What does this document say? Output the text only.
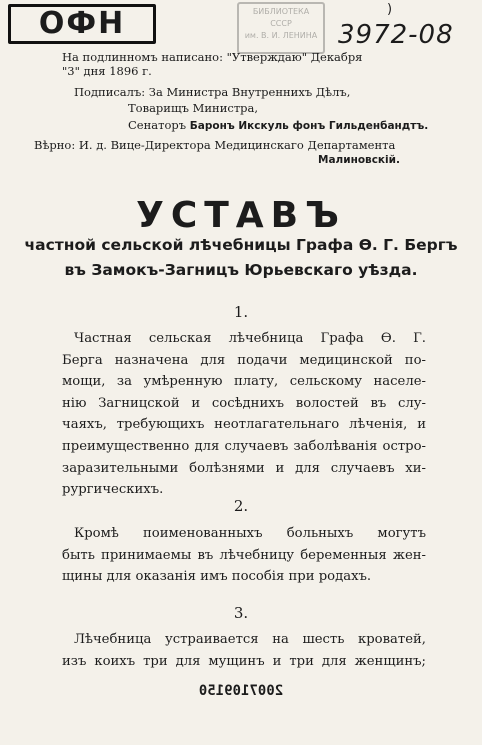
ОФН	БИБЛИОТЕКА
СССР
им. В. И. ЛЕНИНА
)
3972-08
На подлинномъ написано: "Утверждаю" Декабря
"3" дня 1896 г.
Подписалъ: За Министра Внутреннихъ Дѣлъ,
Товарищъ Министра,
Сенаторъ Баронъ Икскуль фонъ Гильденбандтъ.
Вѣрно: И. д. Вице-Директора Медицинскаго Департамента
Малиновскій.
УСТАВЪ
частной сельской лѣчебницы Графа Ѳ. Г. Бергъ
въ Замокъ-Загницъ Юрьевскаго уѣзда.
1.

Частная сельская лѣчебница Графа Ѳ. Г.

Берга назначена для подачи медицинской по-

мощи, за умѣренную плату, сельскому населе-

нію Загницской и сосѣднихъ волостей въ слу-

чаяхъ, требующихъ неотлагательнаго лѣченія, и

преимущественно для случаевъ заболѣванія остро-

заразительными болѣзнями и для случаевъ хи-

рургическихъ.

2.

Кромѣ поименованныхъ больныхъ могутъ

быть принимаемы въ лѣчебницу беременныя жен-

щины для оказанія имъ пособія при родахъ.

3.

Лѣчебница устраивается на шесть кроватей,

изъ коихъ три для мущинъ и три для женщинъ;

2007109150
